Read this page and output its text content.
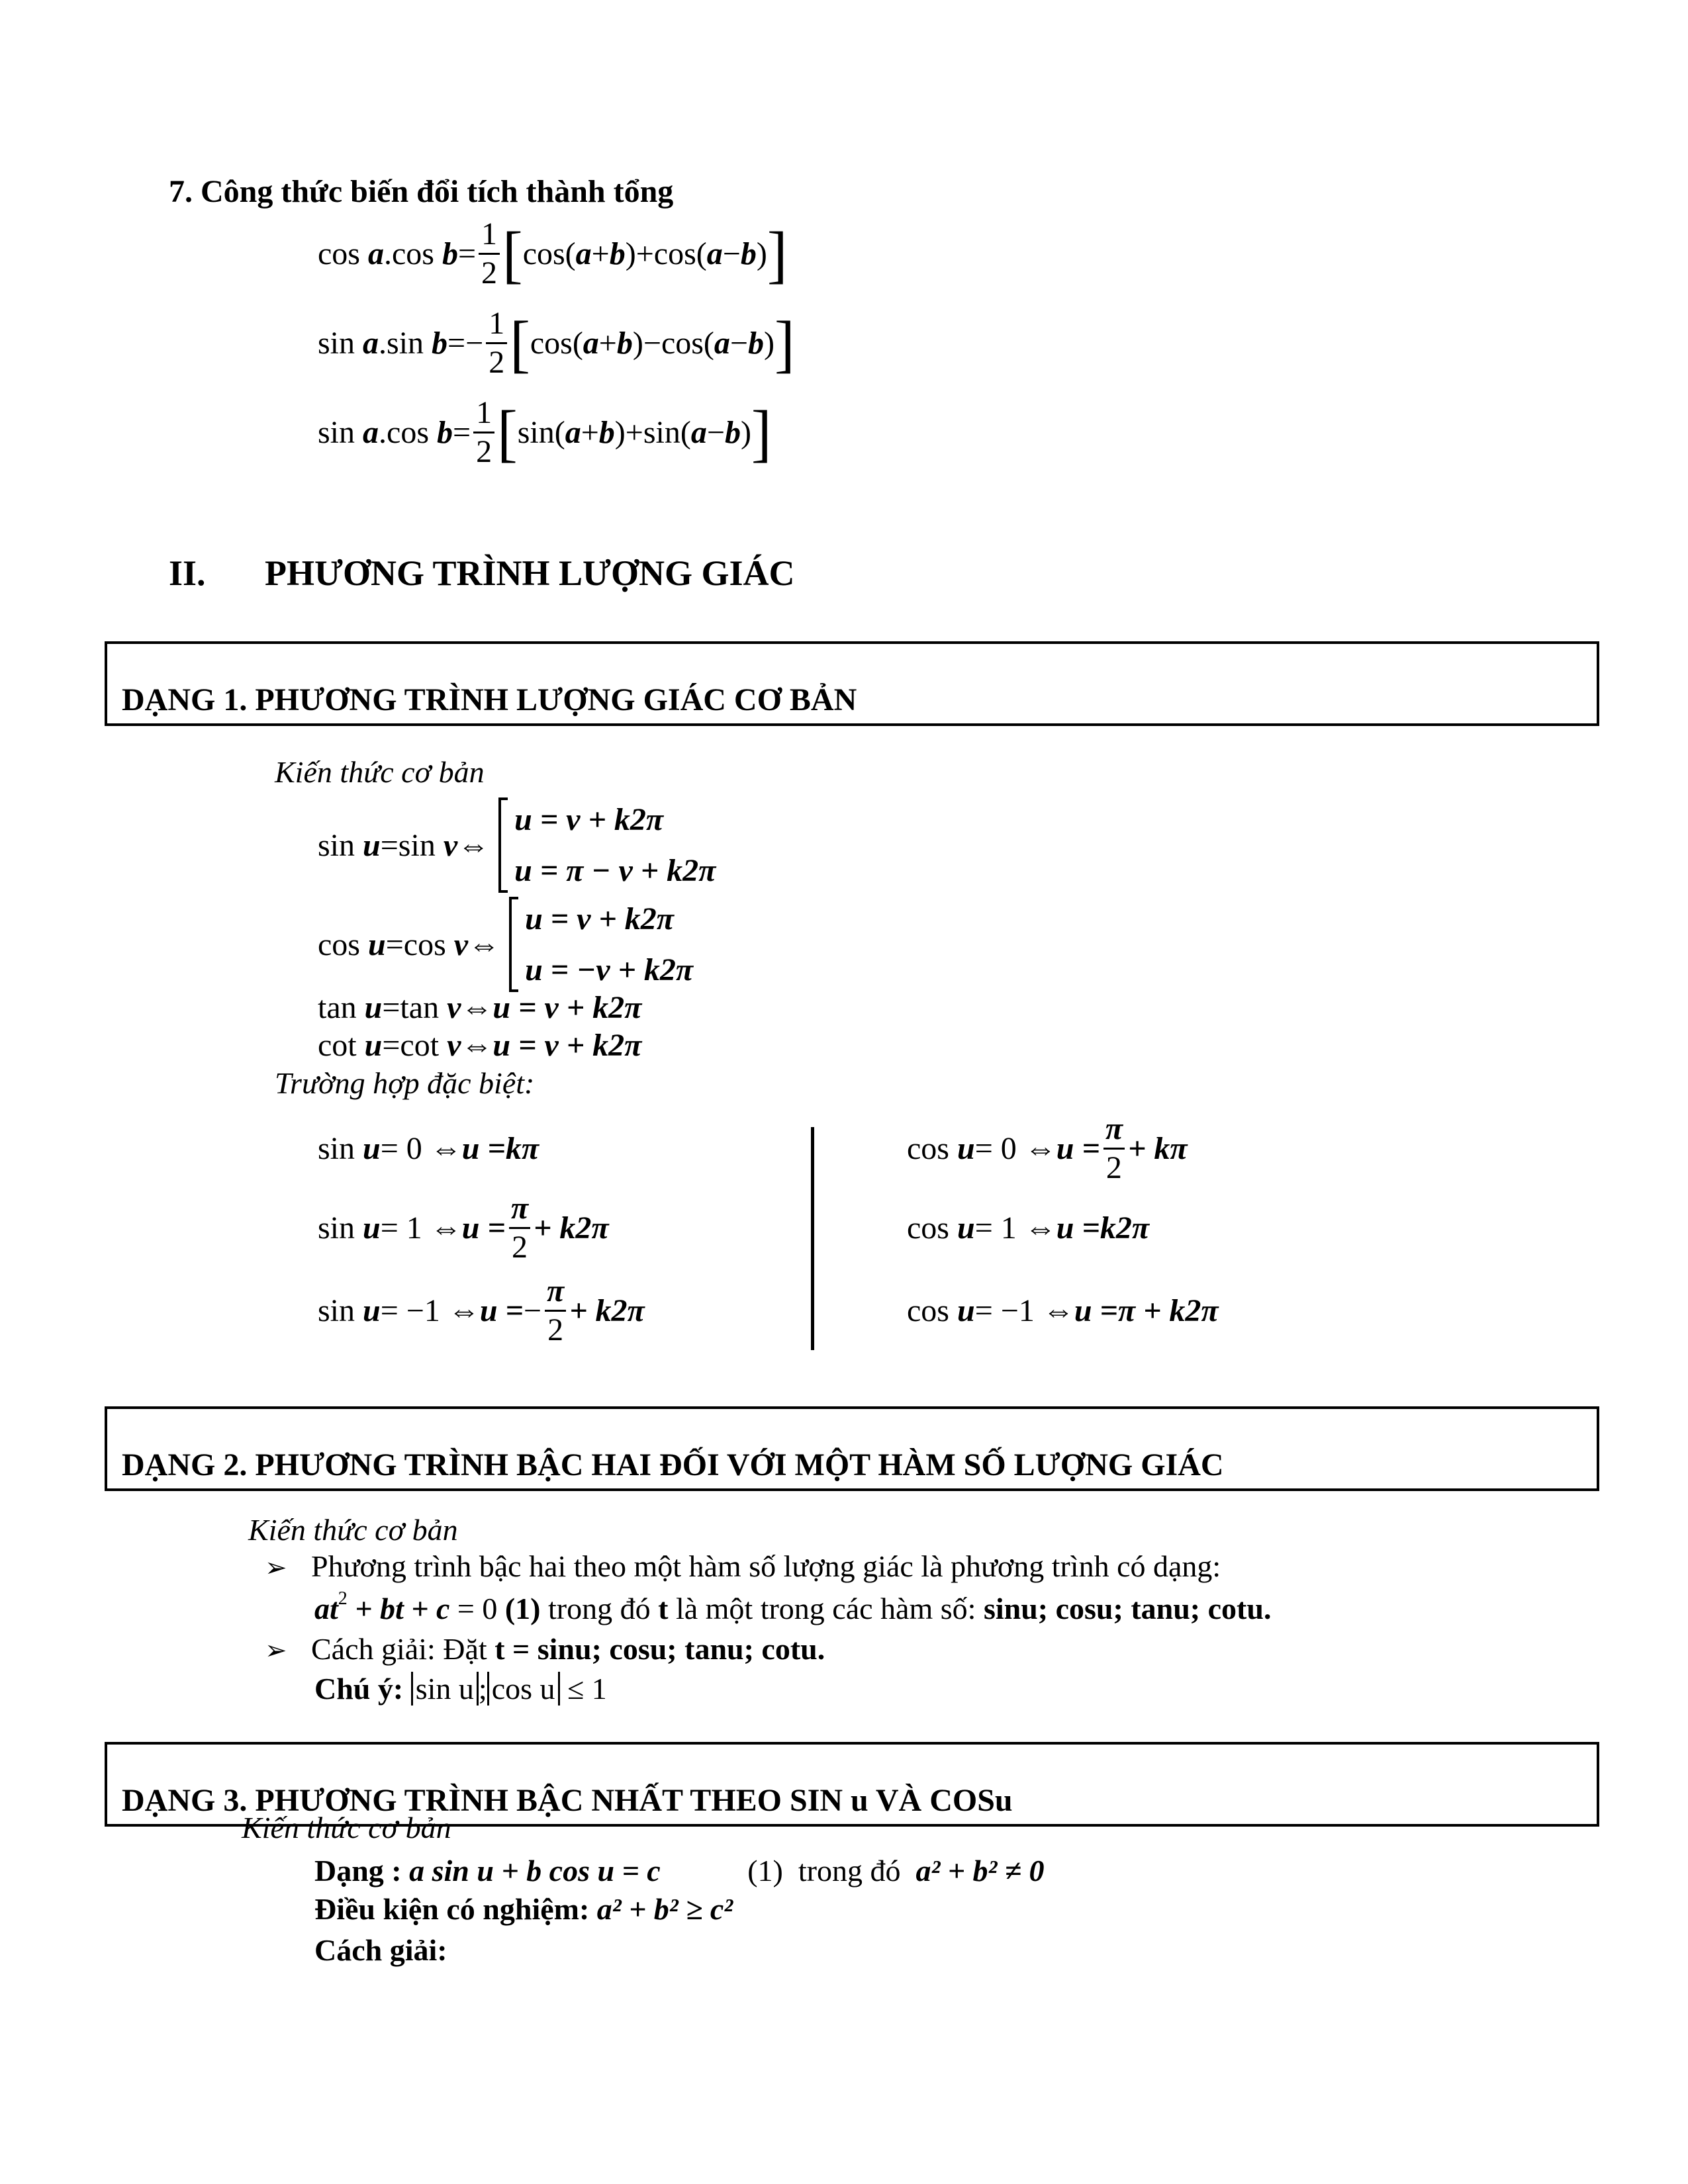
7. Công thức biến đổi tích thành tổng
cos
a .cos
$b = \frac{1}{2}$ [ cos( a + b ) + cos( a − b ) ]
sin
a .sin
b = − $\frac{1}{2}$ [ cos( a + b ) − cos( a − b ) ]
sin
a .cos
$b = \frac{1}{2}$ [ sin( a + b ) + sin( a − b ) ]
II. PHƯƠNG TRÌNH LƯỢNG GIÁC
DẠNG 1. PHƯƠNG TRÌNH LƯỢNG GIÁC CƠ BẢN
Kiến thức cơ bản
sin
u = sin
v ⇔
u = v + k2π
u = π − v + k2π
cos
u = cos
v ⇔
u = v + k2π
u = −v + k2π
tan
u = tan
v ⇔ u = v + k2π
cot
u = cot
v ⇔ u = v + k2π
Trường hợp đặc biệt:
sin
u = 0 ⇔ u = kπ
sin
u = 1 ⇔ $u = \frac{\pi}{2} + k2\pi$
sin
u = −1 ⇔ u = − $\frac{\pi}{2} + k2\pi$
cos
u = 0 ⇔ $u = \frac{\pi}{2} + k\pi$
cos
u = 1 ⇔ u = k2π
cos
u = −1 ⇔ u = π + k2π
DẠNG 2. PHƯƠNG TRÌNH BẬC HAI ĐỐI VỚI MỘT HÀM SỐ LƯỢNG GIÁC
Kiến thức cơ bản
➢ Phương trình bậc hai theo một hàm số lượng giác là phương trình có dạng:
$at^2$ + bt + c = 0 (1) trong đó t là một trong các hàm số: sinu; cosu; tanu; cotu.
➢ Cách giải: Đặt t = sinu; cosu; tanu; cotu.
Chú ý: sin u ; cos u ≤ 1
DẠNG 3. PHƯƠNG TRÌNH BẬC NHẤT THEO SIN u VÀ COSu
Kiến thức cơ bản
Dạng : a sin u + b cos u = c	(1) trong đó a² + b² ≠ 0
Điều kiện có nghiệm: a² + b² ≥ c²
Cách giải:
